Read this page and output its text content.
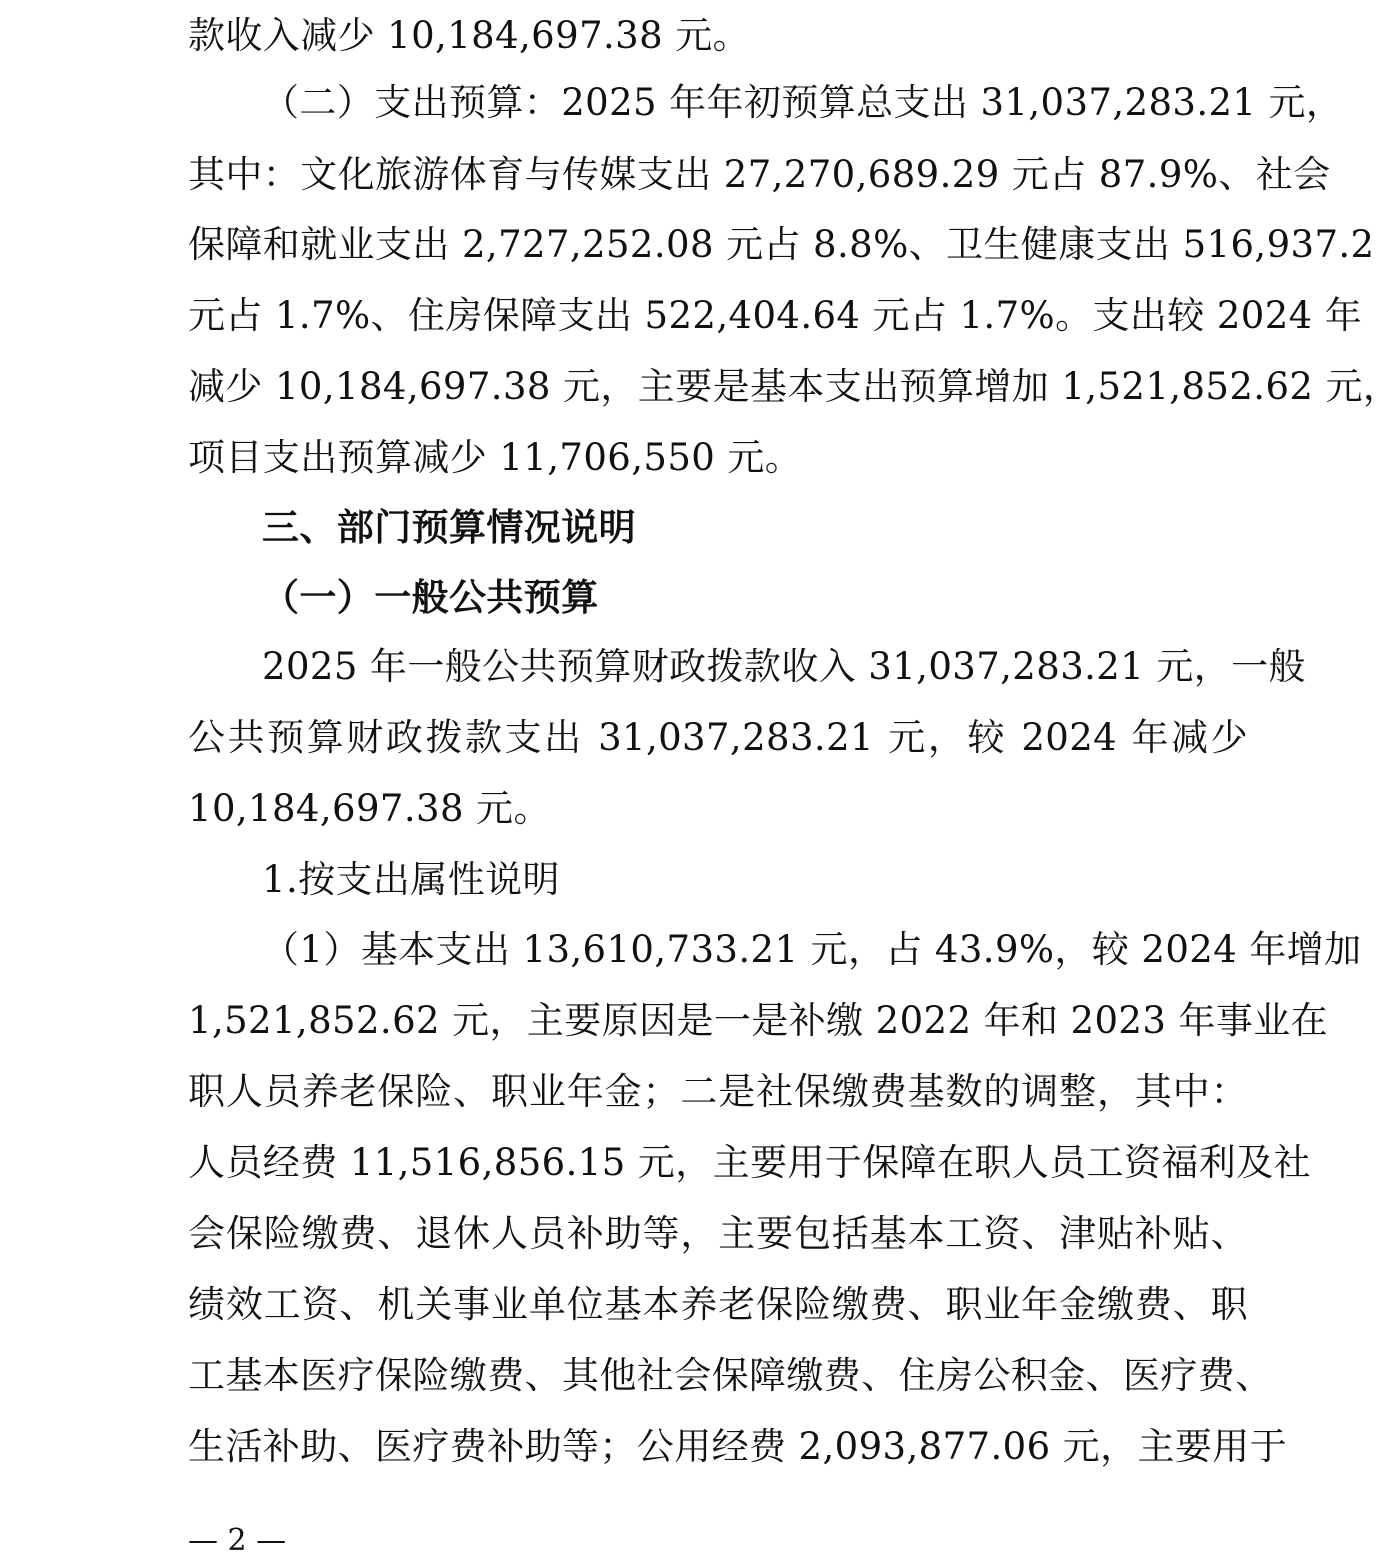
款收入减少 10,184,697.38 元。
（二）支出预算：2025 年年初预算总支出 31,037,283.21 元，
其中：文化旅游体育与传媒支出 27,270,689.29 元占 87.9%、社会
保障和就业支出 2,727,252.08 元占 8.8%、卫生健康支出 516,937.2
元占 1.7%、住房保障支出 522,404.64 元占 1.7%。支出较 2024 年
减少 10,184,697.38 元，主要是基本支出预算增加 1,521,852.62 元，
项目支出预算减少 11,706,550 元。
三、部门预算情况说明
（一）一般公共预算
2025 年一般公共预算财政拨款收入 31,037,283.21 元，一般
公共预算财政拨款支出 31,037,283.21 元，较 2024 年减少
10,184,697.38 元。
1.按支出属性说明
（1）基本支出 13,610,733.21 元，占 43.9%，较 2024 年增加
1,521,852.62 元，主要原因是一是补缴 2022 年和 2023 年事业在
职人员养老保险、职业年金；二是社保缴费基数的调整，其中：
人员经费 11,516,856.15 元，主要用于保障在职人员工资福利及社
会保险缴费、退休人员补助等，主要包括基本工资、津贴补贴、
绩效工资、机关事业单位基本养老保险缴费、职业年金缴费、职
工基本医疗保险缴费、其他社会保障缴费、住房公积金、医疗费、
生活补助、医疗费补助等；公用经费 2,093,877.06 元，主要用于
— 2 —
